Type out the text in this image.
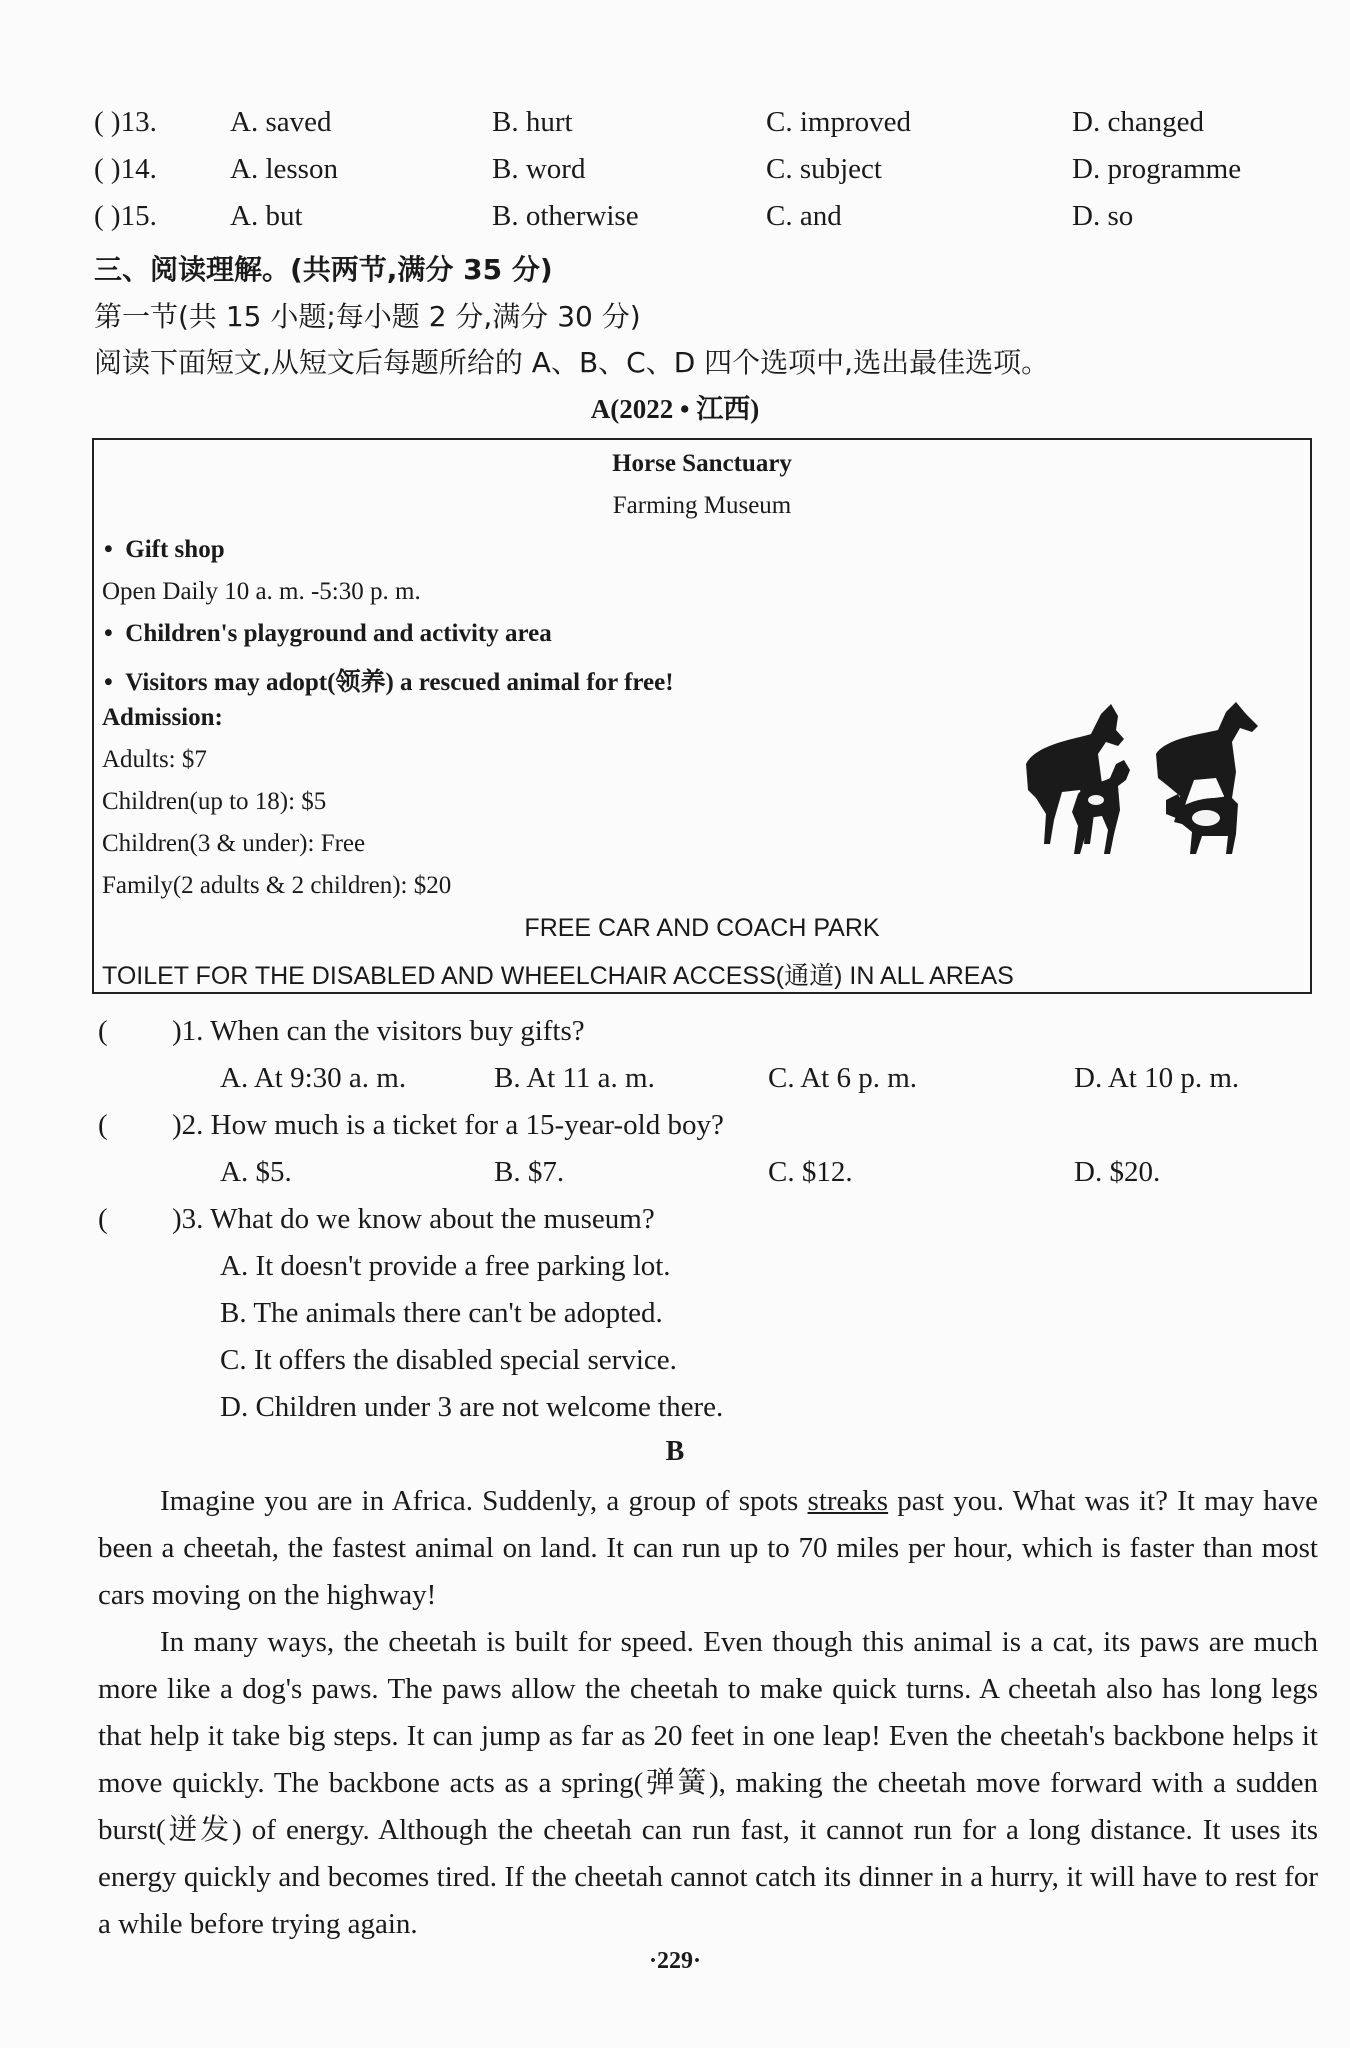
( )13.	A. saved	B. hurt	C. improved	D. changed
( )14.	A. lesson	B. word	C. subject	D. programme
( )15.	A. but	B. otherwise	C. and	D. so
三、阅读理解。(共两节,满分 35 分)
第一节(共 15 小题;每小题 2 分,满分 30 分)
阅读下面短文,从短文后每题所给的 A、B、C、D 四个选项中,选出最佳选项。
A(2022 • 江西)
Horse Sanctuary
Farming Museum
•  Gift shop
Open Daily 10 a. m. -5:30 p. m.
•  Children's playground and activity area
•  Visitors may adopt(领养) a rescued animal for free!
Admission:
Adults: $7
Children(up to 18): $5
Children(3 & under): Free
Family(2 adults & 2 children): $20
FREE CAR AND COACH PARK
TOILET FOR THE DISABLED AND WHEELCHAIR ACCESS(通道) IN ALL AREAS
( )1. When can the visitors buy gifts?
A. At 9:30 a. m.	B. At 11 a. m.	C. At 6 p. m.	D. At 10 p. m.
( )2. How much is a ticket for a 15-year-old boy?
A. $5.	B. $7.	C. $12.	D. $20.
( )3. What do we know about the museum?
A. It doesn't provide a free parking lot.
B. The animals there can't be adopted.
C. It offers the disabled special service.
D. Children under 3 are not welcome there.
B

Imagine you are in Africa. Suddenly, a group of spots streaks past you. What was it? It may have been a cheetah, the fastest animal on land. It can run up to 70 miles per hour, which is faster than most cars moving on the highway!

In many ways, the cheetah is built for speed. Even though this animal is a cat, its paws are much more like a dog's paws. The paws allow the cheetah to make quick turns. A cheetah also has long legs that help it take big steps. It can jump as far as 20 feet in one leap! Even the cheetah's backbone helps it move quickly. The backbone acts as a spring(弹簧), making the cheetah move forward with a sudden burst(迸发) of energy. Although the cheetah can run fast, it cannot run for a long distance. It uses its energy quickly and becomes tired. If the cheetah cannot catch its dinner in a hurry, it will have to rest for a while before trying again.

·229·
